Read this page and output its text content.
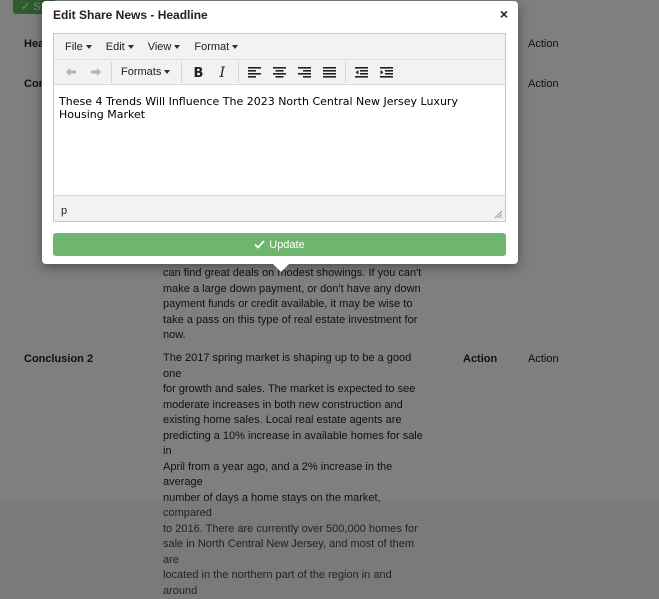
compared
to 2016. There are currently over 500,000 homes for
sale in North Central New Jersey, and most of them are
located in the northern part of the region in and around
Edit Share News - Headline	×
File Edit View Format
Formats B I
These 4 Trends Will Influence The 2023 North Central New Jersey Luxury Housing Market
p
Update
